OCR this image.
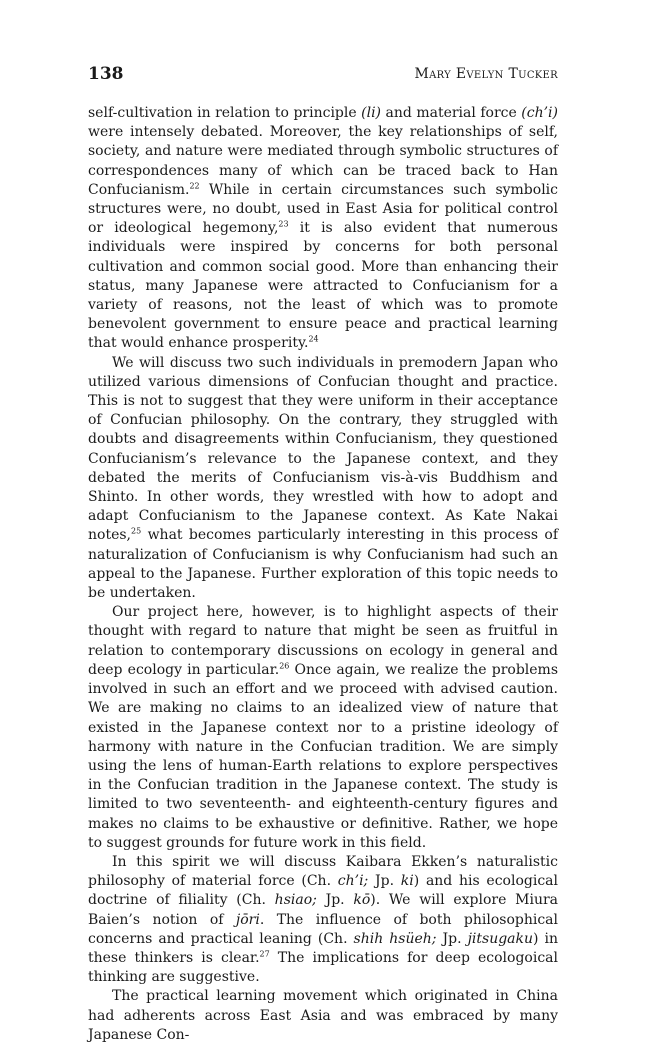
138	Mary Evelyn Tucker

self-cultivation in relation to principle (li) and material force (ch’i) were intensely debated. Moreover, the key relationships of self, society, and nature were mediated through symbolic structures of correspondences many of which can be traced back to Han Confucianism.$^{22}$ While in certain circumstances such symbolic structures were, no doubt, used in East Asia for political control or ideological hegemony,$^{23}$ it is also evident that numerous individuals were inspired by concerns for both personal cultivation and common social good. More than enhancing their status, many Japanese were attracted to Confucianism for a variety of reasons, not the least of which was to promote benevolent government to ensure peace and practical learning that would enhance prosperity.$^{24}$

We will discuss two such individuals in premodern Japan who utilized various dimensions of Confucian thought and practice. This is not to suggest that they were uniform in their acceptance of Confucian philosophy. On the contrary, they struggled with doubts and disagreements within Confucianism, they questioned Confucianism’s relevance to the Japanese context, and they debated the merits of Confucianism vis-à-vis Buddhism and Shinto. In other words, they wrestled with how to adopt and adapt Confucianism to the Japanese context. As Kate Nakai notes,$^{25}$ what becomes particularly interesting in this process of naturalization of Confucianism is why Confucianism had such an appeal to the Japanese. Further exploration of this topic needs to be undertaken.

Our project here, however, is to highlight aspects of their thought with regard to nature that might be seen as fruitful in relation to contemporary discussions on ecology in general and deep ecology in particular.$^{26}$ Once again, we realize the problems involved in such an effort and we proceed with advised caution. We are making no claims to an idealized view of nature that existed in the Japanese context nor to a pristine ideology of harmony with nature in the Confucian tradition. We are simply using the lens of human-Earth relations to explore perspectives in the Confucian tradition in the Japanese context. The study is limited to two seventeenth- and eighteenth-century figures and makes no claims to be exhaustive or definitive. Rather, we hope to suggest grounds for future work in this field.

In this spirit we will discuss Kaibara Ekken’s naturalistic philosophy of material force (Ch. ch’i; Jp. ki) and his ecological doctrine of filiality (Ch. hsiao; Jp. kō). We will explore Miura Baien’s notion of jōri. The influence of both philosophical concerns and practical leaning (Ch. shih hsüeh; Jp. jitsugaku) in these thinkers is clear.$^{27}$ The implications for deep ecologoical thinking are suggestive.

The practical learning movement which originated in China had adherents across East Asia and was embraced by many Japanese Con-
